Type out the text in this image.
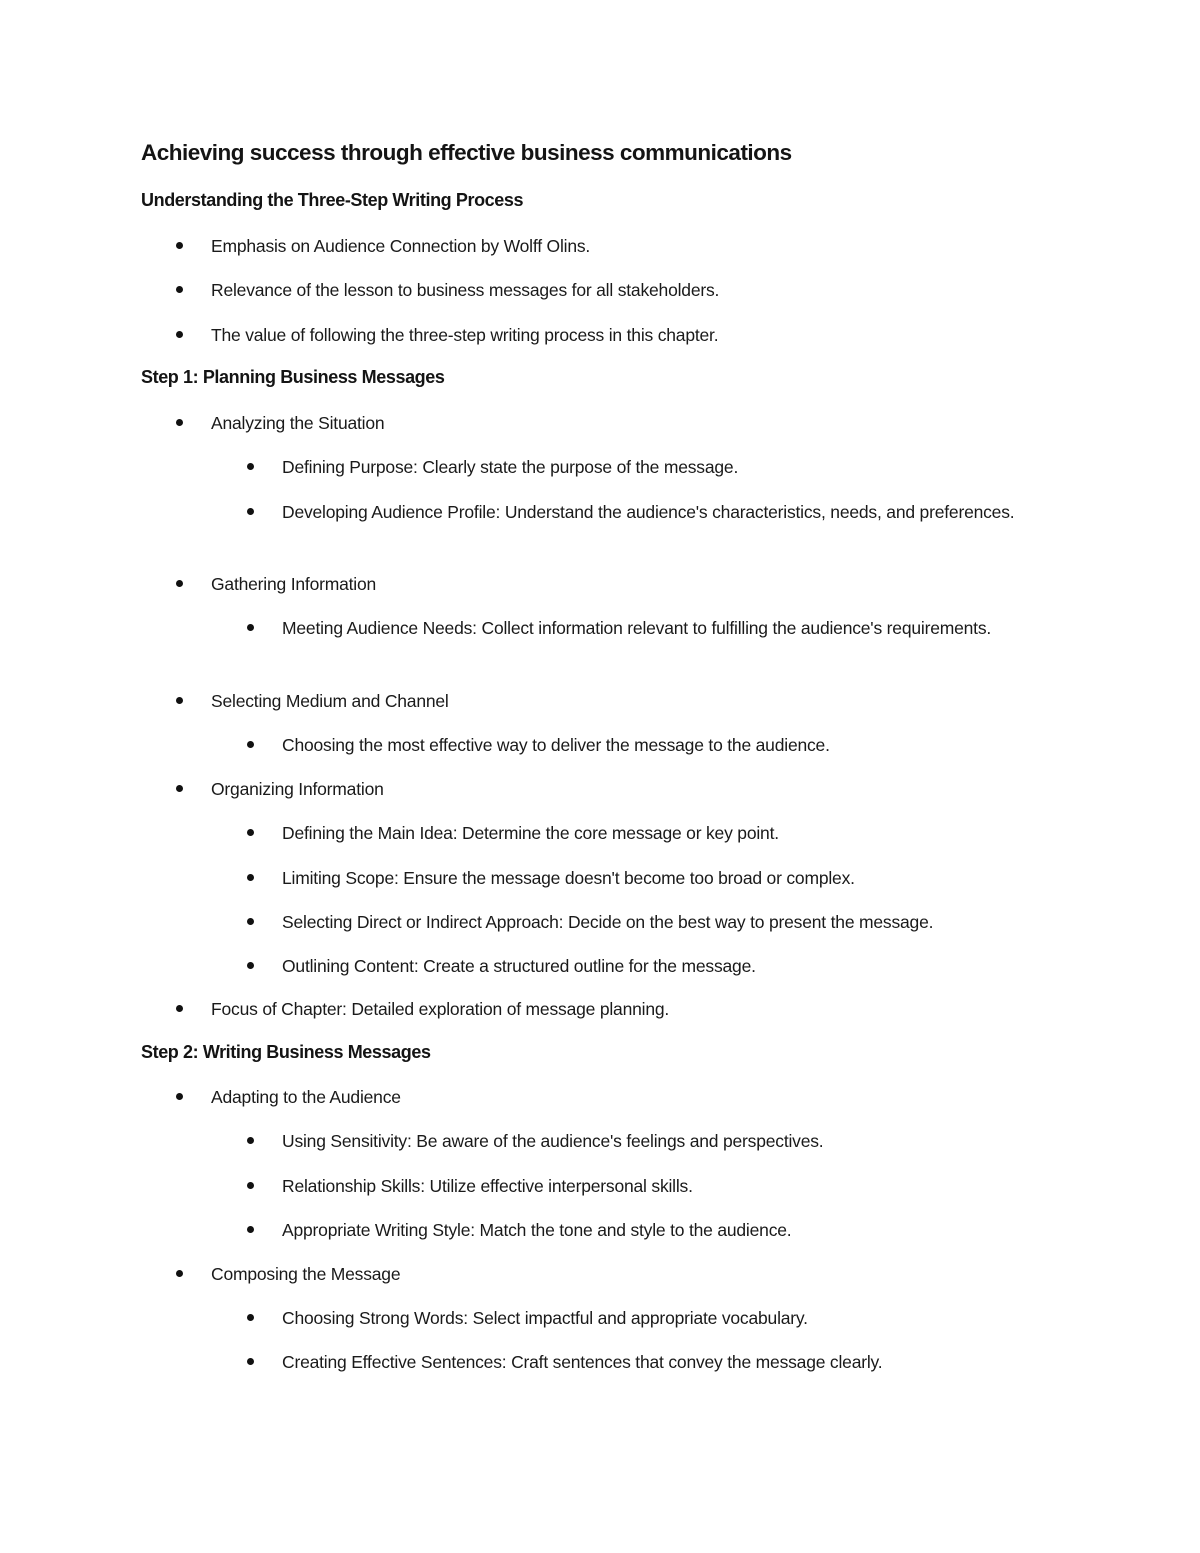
Achieving success through effective business communications
Understanding the Three-Step Writing Process
Emphasis on Audience Connection by Wolff Olins.
Relevance of the lesson to business messages for all stakeholders.
The value of following the three-step writing process in this chapter.
Step 1: Planning Business Messages
Analyzing the Situation
Defining Purpose: Clearly state the purpose of the message.
Developing Audience Profile: Understand the audience's characteristics, needs, and preferences.
Gathering Information
Meeting Audience Needs: Collect information relevant to fulfilling the audience's requirements.
Selecting Medium and Channel
Choosing the most effective way to deliver the message to the audience.
Organizing Information
Defining the Main Idea: Determine the core message or key point.
Limiting Scope: Ensure the message doesn't become too broad or complex.
Selecting Direct or Indirect Approach: Decide on the best way to present the message.
Outlining Content: Create a structured outline for the message.
Focus of Chapter: Detailed exploration of message planning.
Step 2: Writing Business Messages
Adapting to the Audience
Using Sensitivity: Be aware of the audience's feelings and perspectives.
Relationship Skills: Utilize effective interpersonal skills.
Appropriate Writing Style: Match the tone and style to the audience.
Composing the Message
Choosing Strong Words: Select impactful and appropriate vocabulary.
Creating Effective Sentences: Craft sentences that convey the message clearly.
